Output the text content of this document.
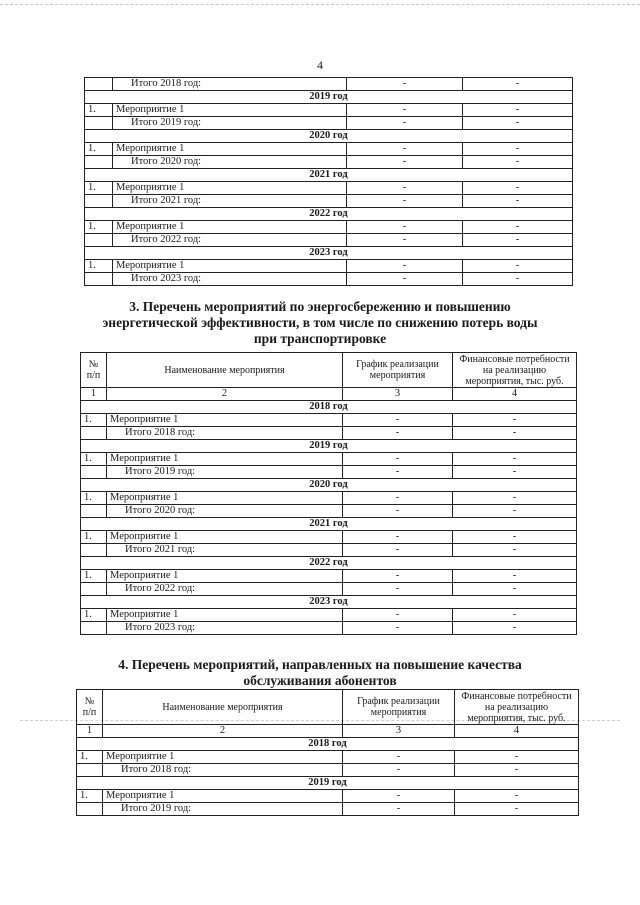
4
	Итого 2018 год:	-	-
2019 год			
1.	Мероприятие 1	-	-
	Итого 2019 год:	-	-
2020 год			
1.	Мероприятие 1	-	-
	Итого 2020 год:	-	-
2021 год			
1.	Мероприятие 1	-	-
	Итого 2021 год:	-	-
2022 год			
1.	Мероприятие 1	-	-
	Итого 2022 год:	-	-
2023 год			
1.	Мероприятие 1	-	-
	Итого 2023 год:	-	-
3. Перечень мероприятий по энергосбережению и повышению
энергетической эффективности, в том числе по снижению потерь воды
при транспортировке
№ п/п	Наименование мероприятия	График реализации мероприятия	Финансовые потребности на реализацию мероприятия, тыс. руб.
1	2	3	4
2018 год			
1.	Мероприятие 1	-	-
	Итого 2018 год:	-	-
2019 год			
1.	Мероприятие 1	-	-
	Итого 2019 год:	-	-
2020 год			
1.	Мероприятие 1	-	-
	Итого 2020 год:	-	-
2021 год			
1.	Мероприятие 1	-	-
	Итого 2021 год:	-	-
2022 год			
1.	Мероприятие 1	-	-
	Итого 2022 год:	-	-
2023 год			
1.	Мероприятие 1	-	-
	Итого 2023 год:	-	-
4. Перечень мероприятий, направленных на повышение качества
обслуживания абонентов
№ п/п	Наименование мероприятия	График реализации мероприятия	Финансовые потребности на реализацию мероприятия, тыс. руб.
1	2	3	4
2018 год			
1.	Мероприятие 1	-	-
	Итого 2018 год:	-	-
2019 год			
1.	Мероприятие 1	-	-
	Итого 2019 год:	-	-
